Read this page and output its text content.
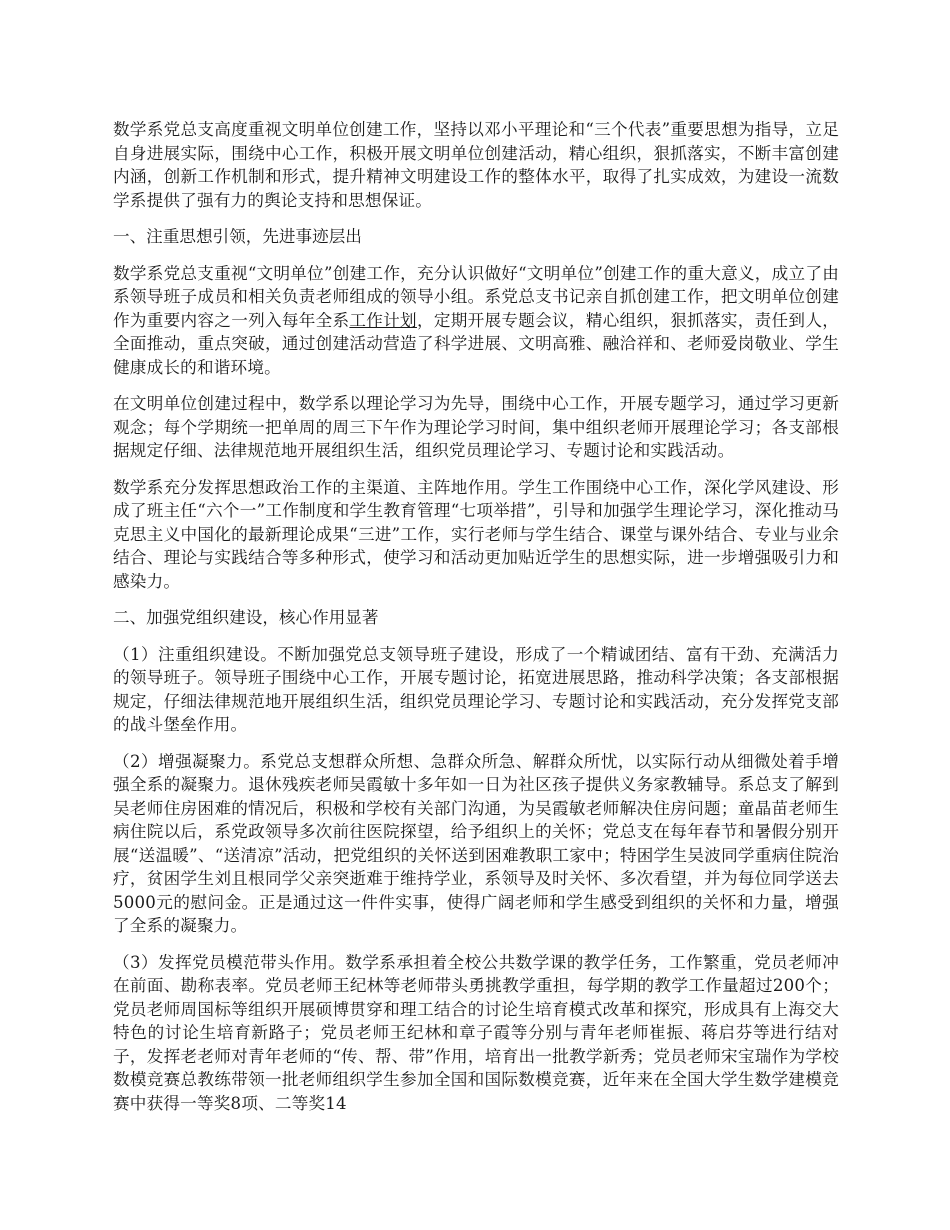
数学系党总支高度重视文明单位创建工作，坚持以邓小平理论和“三个代表”重要思想为指导，立足自身进展实际，围绕中心工作，积极开展文明单位创建活动，精心组织，狠抓落实，不断丰富创建内涵，创新工作机制和形式，提升精神文明建设工作的整体水平，取得了扎实成效，为建设一流数学系提供了强有力的舆论支持和思想保证。

一、注重思想引领，先进事迹层出

数学系党总支重视“文明单位”创建工作，充分认识做好“文明单位”创建工作的重大意义，成立了由系领导班子成员和相关负责老师组成的领导小组。系党总支书记亲自抓创建工作，把文明单位创建作为重要内容之一列入每年全系工作计划，定期开展专题会议，精心组织，狠抓落实，责任到人，全面推动，重点突破，通过创建活动营造了科学进展、文明高雅、融洽祥和、老师爱岗敬业、学生健康成长的和谐环境。

在文明单位创建过程中，数学系以理论学习为先导，围绕中心工作，开展专题学习，通过学习更新观念；每个学期统一把单周的周三下午作为理论学习时间，集中组织老师开展理论学习；各支部根据规定仔细、法律规范地开展组织生活，组织党员理论学习、专题讨论和实践活动。

数学系充分发挥思想政治工作的主渠道、主阵地作用。学生工作围绕中心工作，深化学风建设、形成了班主任“六个一”工作制度和学生教育管理“七项举措”，引导和加强学生理论学习，深化推动马克思主义中国化的最新理论成果“三进”工作，实行老师与学生结合、课堂与课外结合、专业与业余结合、理论与实践结合等多种形式，使学习和活动更加贴近学生的思想实际，进一步增强吸引力和感染力。

二、加强党组织建设，核心作用显著

（1）注重组织建设。不断加强党总支领导班子建设，形成了一个精诚团结、富有干劲、充满活力的领导班子。领导班子围绕中心工作，开展专题讨论，拓宽进展思路，推动科学决策；各支部根据规定，仔细法律规范地开展组织生活，组织党员理论学习、专题讨论和实践活动，充分发挥党支部的战斗堡垒作用。

（2）增强凝聚力。系党总支想群众所想、急群众所急、解群众所忧，以实际行动从细微处着手增强全系的凝聚力。退休残疾老师吴霞敏十多年如一日为社区孩子提供义务家教辅导。系总支了解到吴老师住房困难的情况后，积极和学校有关部门沟通，为吴霞敏老师解决住房问题；童晶苗老师生病住院以后，系党政领导多次前往医院探望，给予组织上的关怀；党总支在每年春节和暑假分别开展“送温暖”、“送清凉”活动，把党组织的关怀送到困难教职工家中；特困学生吴波同学重病住院治疗，贫困学生刘且根同学父亲突逝难于维持学业，系领导及时关怀、多次看望，并为每位同学送去5000元的慰问金。正是通过这一件件实事，使得广阔老师和学生感受到组织的关怀和力量，增强了全系的凝聚力。

（3）发挥党员模范带头作用。数学系承担着全校公共数学课的教学任务，工作繁重，党员老师冲在前面、勘称表率。党员老师王纪林等老师带头勇挑教学重担，每学期的教学工作量超过200个；党员老师周国标等组织开展硕博贯穿和理工结合的讨论生培育模式改革和探究，形成具有上海交大特色的讨论生培育新路子；党员老师王纪林和章子霞等分别与青年老师崔振、蒋启芬等进行结对子，发挥老老师对青年老师的“传、帮、带”作用，培育出一批教学新秀；党员老师宋宝瑞作为学校数模竞赛总教练带领一批老师组织学生参加全国和国际数模竞赛，近年来在全国大学生数学建模竞赛中获得一等奖8项、二等奖14
